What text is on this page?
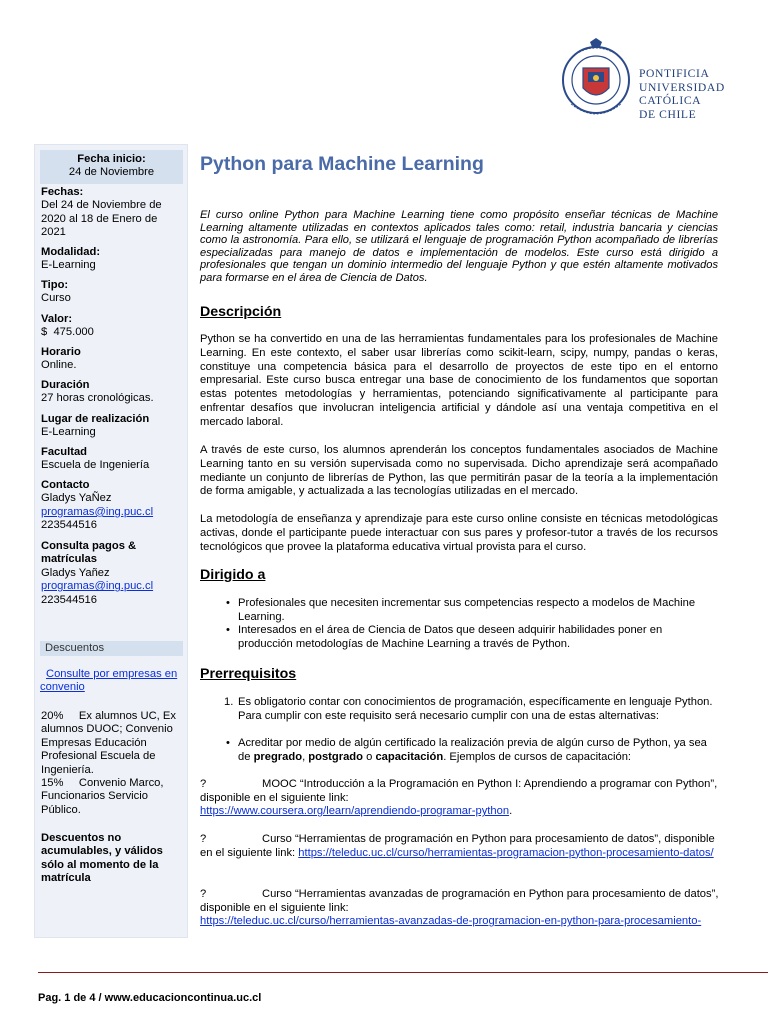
PONTIFICIA
UNIVERSIDAD
CATÓLICA
DE CHILE
Fecha inicio:
24 de Noviembre
Fechas:
Del 24 de Noviembre de 2020 al 18 de Enero de 2021
Modalidad:
E-Learning
Tipo:
Curso
Valor:
$  475.000
Horario
Online.
Duración
27 horas cronológicas.
Lugar de realización
E-Learning
Facultad
Escuela de Ingeniería
Contacto
Gladys YaÑez
programas@ing.puc.cl
223544516
Consulta pagos & matrículas
Gladys Yañez
programas@ing.puc.cl
223544516
Descuentos
Consulte por empresas en convenio
20%     Ex alumnos UC, Ex alumnos DUOC; Convenio Empresas Educación Profesional Escuela de Ingeniería.
15%     Convenio Marco, Funcionarios Servicio Público.
Descuentos no acumulables, y válidos sólo al momento de la matrícula
Python para Machine Learning
El curso online Python para Machine Learning tiene como propósito enseñar técnicas de Machine Learning altamente utilizadas en contextos aplicados tales como: retail, industria bancaria y ciencias como la astronomía. Para ello, se utilizará el lenguaje de programación Python acompañado de librerías especializadas para manejo de datos e implementación de modelos. Este curso está dirigido a profesionales que tengan un dominio intermedio del lenguaje Python y que estén altamente motivados para formarse en el área de Ciencia de Datos.
Descripción
Python se ha convertido en una de las herramientas fundamentales para los profesionales de Machine Learning. En este contexto, el saber usar librerías como scikit-learn, scipy, numpy, pandas o keras, constituye una competencia básica para el desarrollo de proyectos de este tipo en el entorno empresarial. Este curso busca entregar una base de conocimiento de los fundamentos que soportan estas potentes metodologías y herramientas, potenciando significativamente al participante para enfrentar desafíos que involucran inteligencia artificial y dándole así una ventaja competitiva en el mercado laboral.
A través de este curso, los alumnos aprenderán los conceptos fundamentales asociados de Machine Learning tanto en su versión supervisada como no supervisada. Dicho aprendizaje será acompañado mediante un conjunto de librerías de Python, las que permitirán pasar de la teoría a la implementación de forma amigable, y actualizada a las tecnologías utilizadas en el mercado.
La metodología de enseñanza y aprendizaje para este curso online consiste en técnicas metodológicas activas, donde el participante puede interactuar con sus pares y profesor-tutor a través de los recursos tecnológicos que provee la plataforma educativa virtual provista para el curso.
Dirigido a
• Profesionales que necesiten incrementar sus competencias respecto a modelos de Machine Learning.
• Interesados en el área de Ciencia de Datos que deseen adquirir habilidades poner en producción metodologías de Machine Learning a través de Python.
Prerrequisitos
1. Es obligatorio contar con conocimientos de programación, específicamente en lenguaje Python. Para cumplir con este requisito será necesario cumplir con una de estas alternativas:
• Acreditar por medio de algún certificado la realización previa de algún curso de Python, ya sea de pregrado, postgrado o capacitación. Ejemplos de cursos de capacitación:
?	MOOC “Introducción a la Programación en Python I: Aprendiendo a programar con Python”, disponible en el siguiente link:
https://www.coursera.org/learn/aprendiendo-programar-python.
?	Curso “Herramientas de programación en Python para procesamiento de datos”, disponible en el siguiente link: https://teleduc.uc.cl/curso/herramientas-programacion-python-procesamiento-datos/
?	Curso “Herramientas avanzadas de programación en Python para procesamiento de datos”, disponible en el siguiente link:
https://teleduc.uc.cl/curso/herramientas-avanzadas-de-programacion-en-python-para-procesamiento-
Pag. 1 de 4 / www.educacioncontinua.uc.cl
